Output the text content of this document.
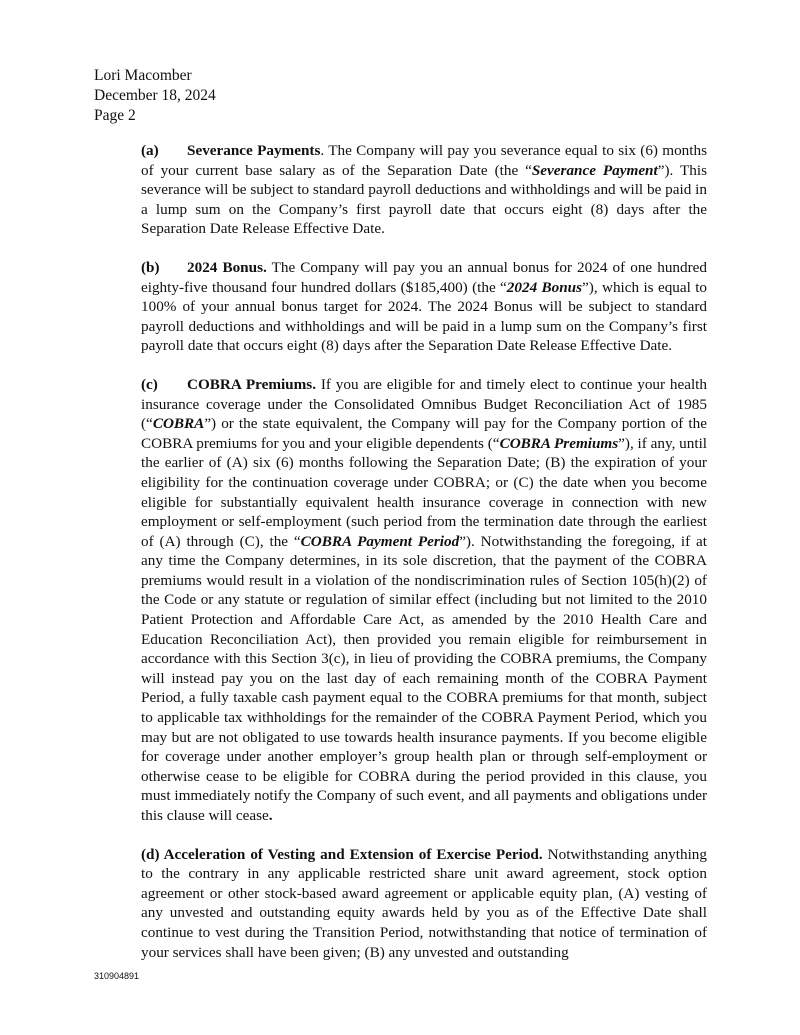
Lori Macomber
December 18, 2024
Page 2

(a) Severance Payments. The Company will pay you severance equal to six (6) months of your current base salary as of the Separation Date (the “Severance Payment”). This severance will be subject to standard payroll deductions and withholdings and will be paid in a lump sum on the Company’s first payroll date that occurs eight (8) days after the Separation Date Release Effective Date.

(b) 2024 Bonus. The Company will pay you an annual bonus for 2024 of one hundred eighty-five thousand four hundred dollars ($185,400) (the “2024 Bonus”), which is equal to 100% of your annual bonus target for 2024. The 2024 Bonus will be subject to standard payroll deductions and withholdings and will be paid in a lump sum on the Company’s first payroll date that occurs eight (8) days after the Separation Date Release Effective Date.

(c) COBRA Premiums. If you are eligible for and timely elect to continue your health insurance coverage under the Consolidated Omnibus Budget Reconciliation Act of 1985 (“COBRA”) or the state equivalent, the Company will pay for the Company portion of the COBRA premiums for you and your eligible dependents (“COBRA Premiums”), if any, until the earlier of (A) six (6) months following the Separation Date; (B) the expiration of your eligibility for the continuation coverage under COBRA; or (C) the date when you become eligible for substantially equivalent health insurance coverage in connection with new employment or self-employment (such period from the termination date through the earliest of (A) through (C), the “COBRA Payment Period”). Notwithstanding the foregoing, if at any time the Company determines, in its sole discretion, that the payment of the COBRA premiums would result in a violation of the nondiscrimination rules of Section 105(h)(2) of the Code or any statute or regulation of similar effect (including but not limited to the 2010 Patient Protection and Affordable Care Act, as amended by the 2010 Health Care and Education Reconciliation Act), then provided you remain eligible for reimbursement in accordance with this Section 3(c), in lieu of providing the COBRA premiums, the Company will instead pay you on the last day of each remaining month of the COBRA Payment Period, a fully taxable cash payment equal to the COBRA premiums for that month, subject to applicable tax withholdings for the remainder of the COBRA Payment Period, which you may but are not obligated to use towards health insurance payments. If you become eligible for coverage under another employer’s group health plan or through self-employment or otherwise cease to be eligible for COBRA during the period provided in this clause, you must immediately notify the Company of such event, and all payments and obligations under this clause will cease.

(d) Acceleration of Vesting and Extension of Exercise Period. Notwithstanding anything to the contrary in any applicable restricted share unit award agreement, stock option agreement or other stock-based award agreement or applicable equity plan, (A) vesting of any unvested and outstanding equity awards held by you as of the Effective Date shall continue to vest during the Transition Period, notwithstanding that notice of termination of your services shall have been given; (B) any unvested and outstanding

310904891
